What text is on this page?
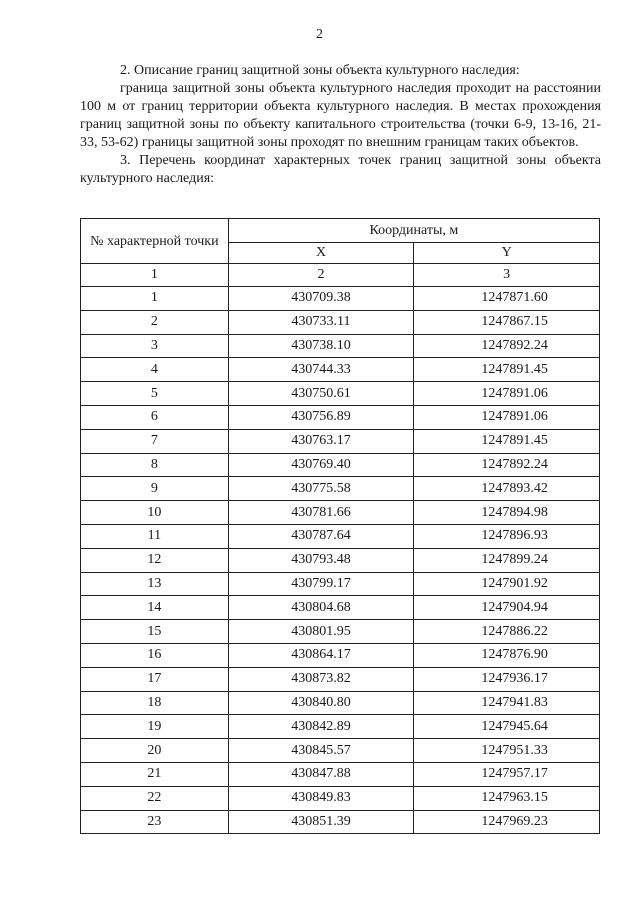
2

2. Описание границ защитной зоны объекта культурного наследия:

граница защитной зоны объекта культурного наследия проходит на расстоянии 100 м от границ территории объекта культурного наследия. В местах прохождения границ защитной зоны по объекту капитального строительства (точки 6-9, 13-16, 21-33, 53-62) границы защитной зоны проходят по внешним границам таких объектов.

3. Перечень координат характерных точек границ защитной зоны объекта культурного наследия:

№ характерной точки	Координаты, м	
	X	Y
1	2	3
1	430709.38	1247871.60
2	430733.11	1247867.15
3	430738.10	1247892.24
4	430744.33	1247891.45
5	430750.61	1247891.06
6	430756.89	1247891.06
7	430763.17	1247891.45
8	430769.40	1247892.24
9	430775.58	1247893.42
10	430781.66	1247894.98
11	430787.64	1247896.93
12	430793.48	1247899.24
13	430799.17	1247901.92
14	430804.68	1247904.94
15	430801.95	1247886.22
16	430864.17	1247876.90
17	430873.82	1247936.17
18	430840.80	1247941.83
19	430842.89	1247945.64
20	430845.57	1247951.33
21	430847.88	1247957.17
22	430849.83	1247963.15
23	430851.39	1247969.23
